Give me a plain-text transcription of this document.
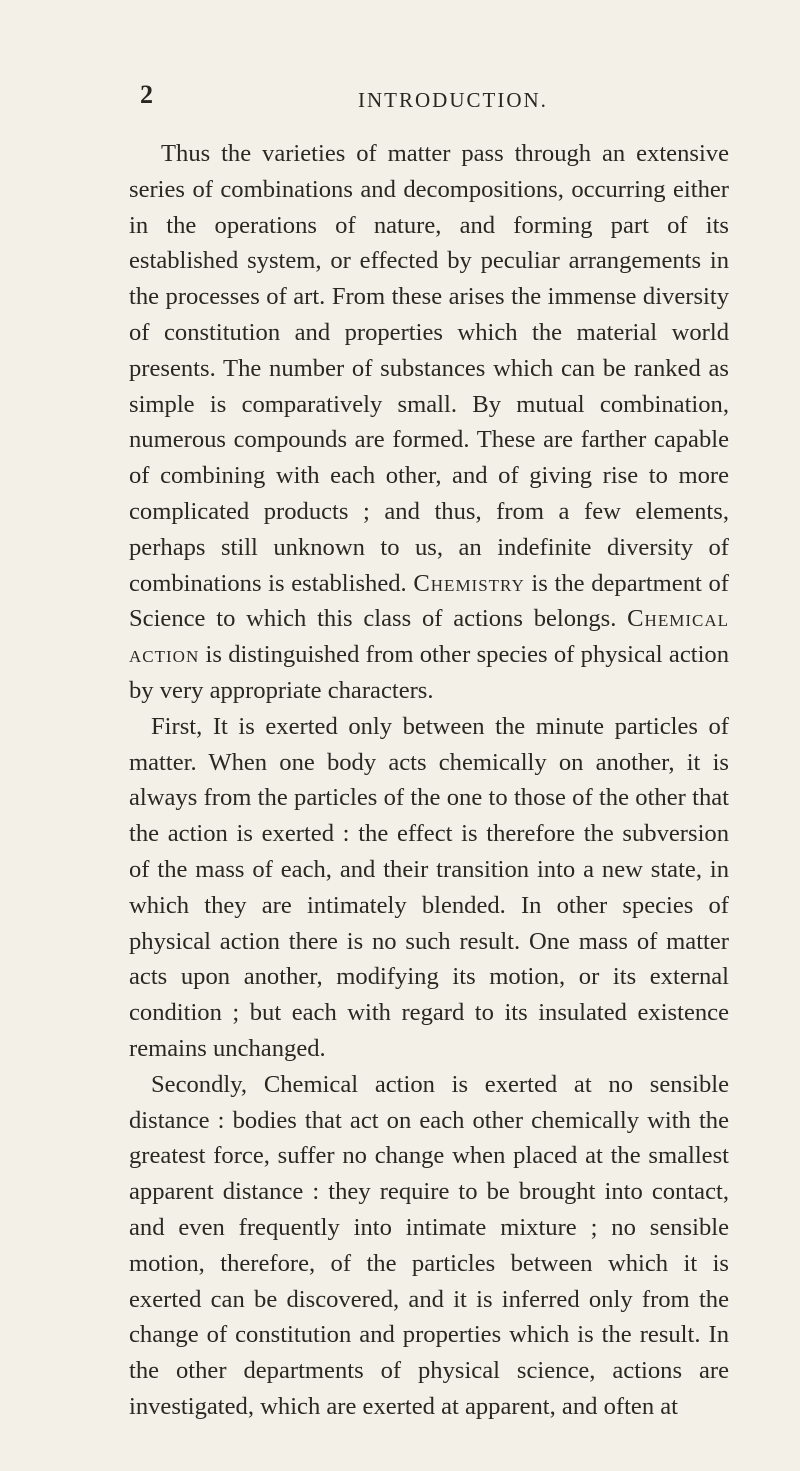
2	INTRODUCTION.

Thus the varieties of matter pass through an extensive series of combinations and decompositions, occurring either in the operations of nature, and forming part of its established system, or effected by peculiar arrangements in the processes of art. From these arises the immense diversity of constitution and properties which the material world presents. The number of substances which can be ranked as simple is comparatively small. By mutual combination, numerous compounds are formed. These are farther capable of combining with each other, and of giving rise to more complicated products ; and thus, from a few elements, perhaps still unknown to us, an indefinite diversity of combinations is established. Chemistry is the department of Science to which this class of actions belongs. Chemical action is distinguished from other species of physical action by very appropriate characters.

First, It is exerted only between the minute particles of matter. When one body acts chemically on another, it is always from the particles of the one to those of the other that the action is exerted : the effect is therefore the subversion of the mass of each, and their transition into a new state, in which they are intimately blended. In other species of physical action there is no such result. One mass of matter acts upon another, modifying its motion, or its external condition ; but each with regard to its insulated existence remains unchanged.

Secondly, Chemical action is exerted at no sensible distance : bodies that act on each other chemically with the greatest force, suffer no change when placed at the smallest apparent distance : they require to be brought into contact, and even frequently into intimate mixture ; no sensible motion, therefore, of the particles between which it is exerted can be discovered, and it is inferred only from the change of constitution and properties which is the result. In the other departments of physical science, actions are investigated, which are exerted at apparent, and often at
